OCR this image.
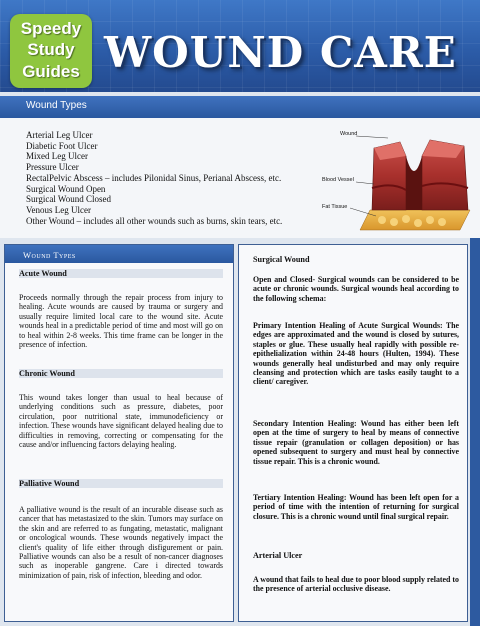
Speedy
Study
Guides WOUND CARE
Wound Types
Arterial Leg Ulcer
Diabetic Foot Ulcer
Mixed Leg Ulcer
Pressure Ulcer
RectalPelvic Abscess – includes Pilonidal Sinus, Perianal Abscess, etc.
Surgical Wound Open
Surgical Wound Closed
Venous Leg Ulcer
Other Wound – includes all other wounds such as burns, skin tears, etc.
Wound
Blood Vessel
Fat Tissue
Wound Types
Acute Wound
Proceeds normally through the repair process from injury to healing. Acute wounds are caused by trauma or surgery and usually require limited local care to the wound site. Acute wounds heal in a predictable period of time and most will go on to heal within 2-8 weeks. This time frame can be longer in the presence of infection.
Chronic Wound
This wound takes longer than usual to heal because of underlying conditions such as pressure, diabetes, poor circulation, poor nutritional state, immunodeficiency or infection. These wounds have significant delayed healing due to difficulties in removing, correcting or compensating for the cause and/or influencing factors delaying healing.
Palliative Wound
A palliative wound is the result of an incurable disease such as cancer that has metastasized to the skin. Tumors may surface on the skin and are referred to as fungating, metastatic, malignant or oncological wounds. These wounds negatively impact the client's quality of life either through disfigurement or pain. Palliative wounds can also be a result of non-cancer diagnoses such as inoperable gangrene. Care i directed towards minimization of pain, risk of infection, bleeding and odor.
Surgical Wound
Open and Closed- Surgical wounds can be considered to be acute or chronic wounds. Surgical wounds heal according to the following schema:
Primary Intention Healing of Acute Surgical Wounds: The edges are approximated and the wound is closed by sutures, staples or glue. These usually heal rapidly with possible re-epithelialization within 24-48 hours (Hulten, 1994). These wounds generally heal undisturbed and may only require cleansing and protection which are tasks easily taught to a client/ caregiver.
Secondary Intention Healing: Wound has either been left open at the time of surgery to heal by means of connective tissue repair (granulation or collagen deposition) or has opened subsequent to surgery and must heal by connective tissue repair. This is a chronic wound.
Tertiary Intention Healing: Wound has been left open for a period of time with the intention of returning for surgical closure. This is a chronic wound until final surgical repair.
Arterial Ulcer
A wound that fails to heal due to poor blood supply related to the presence of arterial occlusive disease.
